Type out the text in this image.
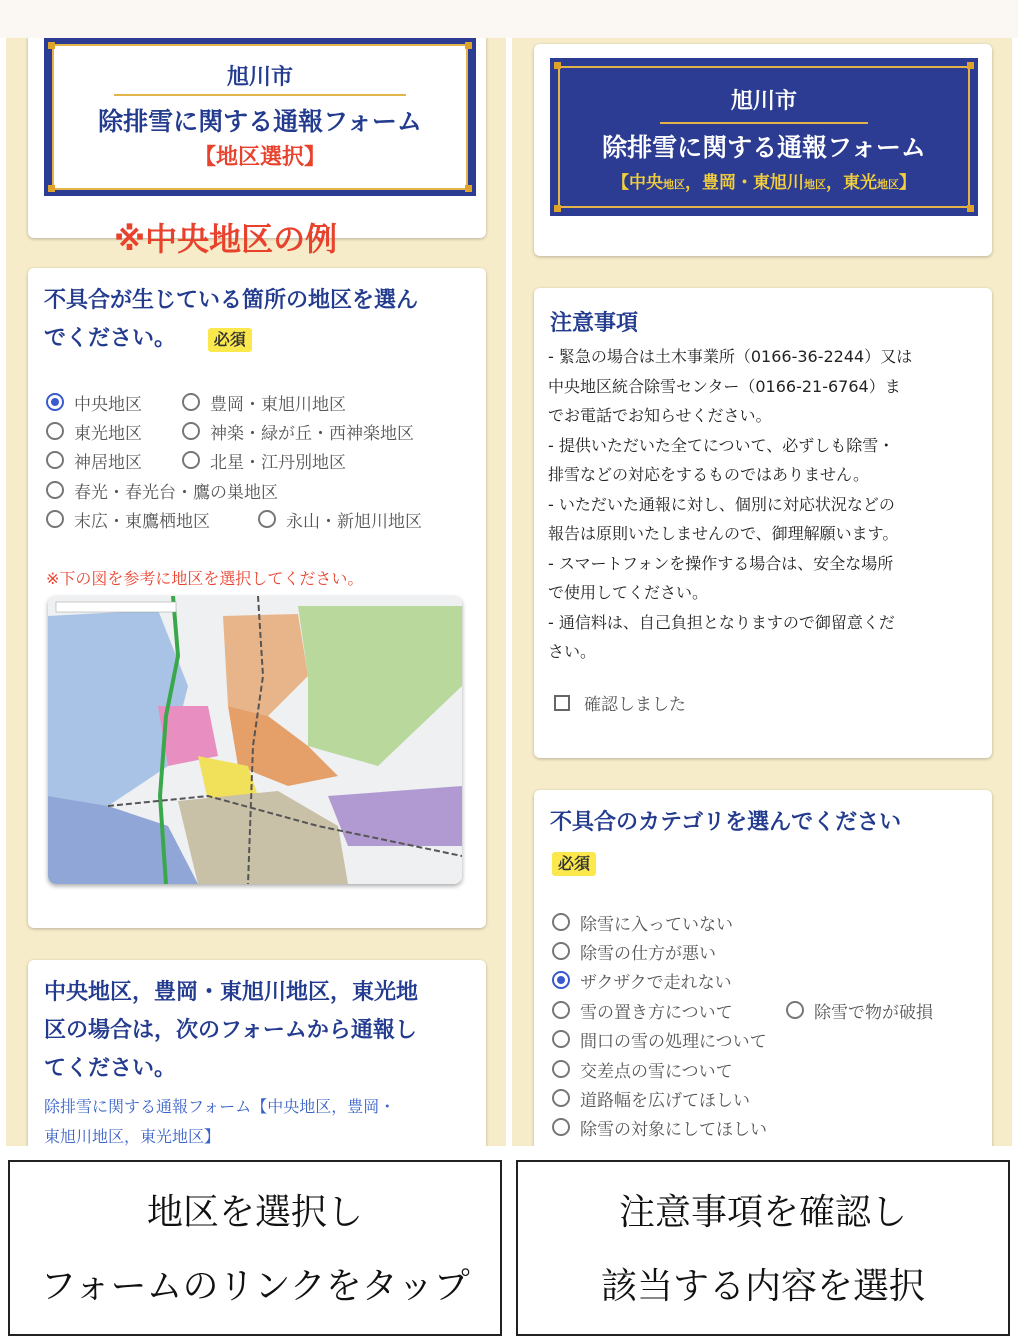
旭川市
除排雪に関する通報フォーム
【地区選択】
※中央地区の例
不具合が生じている箇所の地区を選ん
でください。 必須
中央地区	豊岡・東旭川地区
東光地区	神楽・緑が丘・西神楽地区
神居地区	北星・江丹別地区
春光・春光台・鷹の巣地区
末広・東鷹栖地区	永山・新旭川地区
※下の図を参考に地区を選択してください。
中央地区，豊岡・東旭川地区，東光地
区の場合は，次のフォームから通報し
てください。
除排雪に関する通報フォーム【中央地区，豊岡・
東旭川地区，東光地区】
旭川市
除排雪に関する通報フォーム
【中央地区，豊岡・東旭川地区，東光地区】
注意事項
- 緊急の場合は土木事業所（0166-36-2244）又は
中央地区統合除雪センター（0166-21-6764）ま
でお電話でお知らせください。
- 提供いただいた全てについて、必ずしも除雪・
排雪などの対応をするものではありません。
- いただいた通報に対し、個別に対応状況などの
報告は原則いたしませんので、御理解願います。
- スマートフォンを操作する場合は、安全な場所
で使用してください。
- 通信料は、自己負担となりますので御留意くだ
さい。
確認しました
不具合のカテゴリを選んでください
必須
除雪に入っていない
除雪の仕方が悪い
ザクザクで走れない
雪の置き方について	除雪で物が破損
間口の雪の処理について
交差点の雪について
道路幅を広げてほしい
除雪の対象にしてほしい
地区を選択し
フォームのリンクをタップ
注意事項を確認し
該当する内容を選択
